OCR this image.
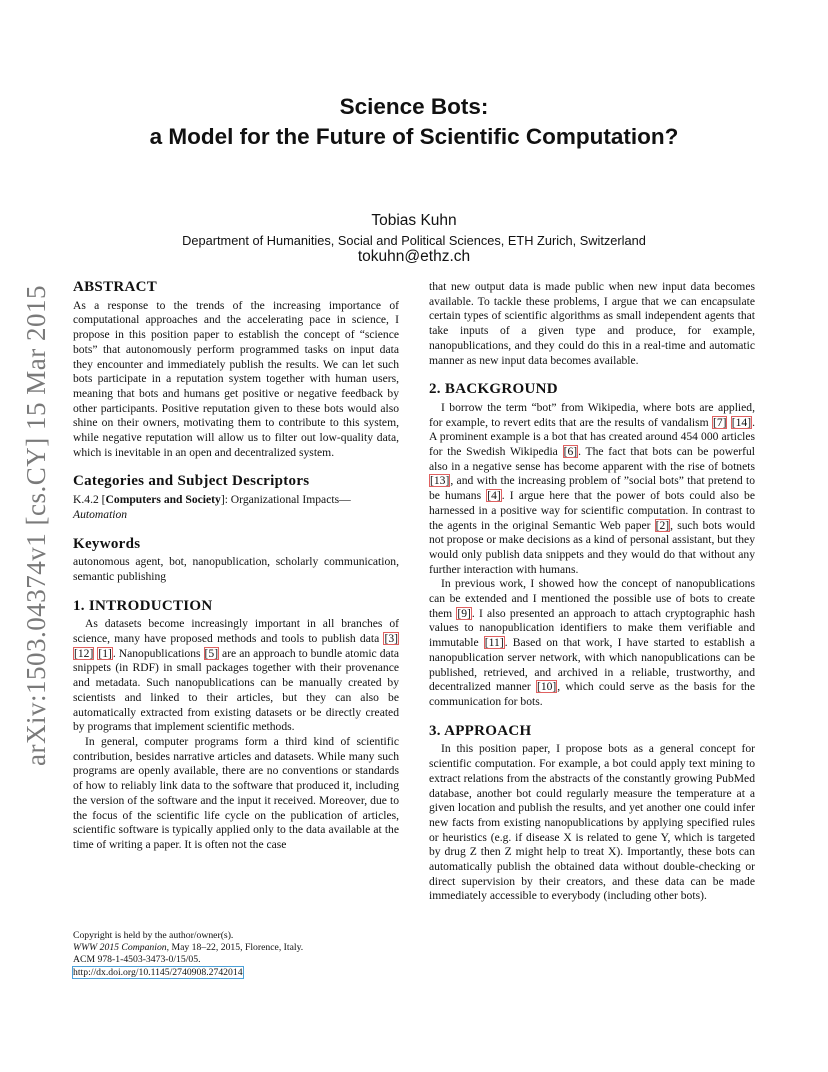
arXiv:1503.04374v1 [cs.CY] 15 Mar 2015
Science Bots:
a Model for the Future of Scientific Computation?
Tobias Kuhn
Department of Humanities, Social and Political Sciences, ETH Zurich, Switzerland
tokuhn@ethz.ch
ABSTRACT

As a response to the trends of the increasing importance of computational approaches and the accelerating pace in science, I propose in this position paper to establish the concept of “science bots” that autonomously perform programmed tasks on input data they encounter and immediately publish the results. We can let such bots participate in a reputation system together with human users, meaning that bots and humans get positive or negative feedback by other participants. Positive reputation given to these bots would also shine on their owners, motivating them to contribute to this system, while negative reputation will allow us to filter out low-quality data, which is inevitable in an open and decentralized system.

Categories and Subject Descriptors

K.4.2 [Computers and Society]: Organizational Impacts—
Automation

Keywords

autonomous agent, bot, nanopublication, scholarly communication, semantic publishing

1. INTRODUCTION

As datasets become increasingly important in all branches of science, many have proposed methods and tools to publish data [3] [12] [1]. Nanopublications [5] are an approach to bundle atomic data snippets (in RDF) in small packages together with their provenance and metadata. Such nanopublications can be manually created by scientists and linked to their articles, but they can also be automatically extracted from existing datasets or be directly created by programs that implement scientific methods.

In general, computer programs form a third kind of scientific contribution, besides narrative articles and datasets. While many such programs are openly available, there are no conventions or standards of how to reliably link data to the software that produced it, including the version of the software and the input it received. Moreover, due to the focus of the scientific life cycle on the publication of articles, scientific software is typically applied only to the data available at the time of writing a paper. It is often not the case

Copyright is held by the author/owner(s).
WWW 2015 Companion, May 18–22, 2015, Florence, Italy.
ACM 978-1-4503-3473-0/15/05.
http://dx.doi.org/10.1145/2740908.2742014

that new output data is made public when new input data becomes available. To tackle these problems, I argue that we can encapsulate certain types of scientific algorithms as small independent agents that take inputs of a given type and produce, for example, nanopublications, and they could do this in a real-time and automatic manner as new input data becomes available.

2. BACKGROUND

I borrow the term “bot” from Wikipedia, where bots are applied, for example, to revert edits that are the results of vandalism [7] [14]. A prominent example is a bot that has created around 454 000 articles for the Swedish Wikipedia [6]. The fact that bots can be powerful also in a negative sense has become apparent with the rise of botnets [13], and with the increasing problem of ”social bots” that pretend to be humans [4]. I argue here that the power of bots could also be harnessed in a positive way for scientific computation. In contrast to the agents in the original Semantic Web paper [2], such bots would not propose or make decisions as a kind of personal assistant, but they would only publish data snippets and they would do that without any further interaction with humans.

In previous work, I showed how the concept of nanopublications can be extended and I mentioned the possible use of bots to create them [9]. I also presented an approach to attach cryptographic hash values to nanopublication identifiers to make them verifiable and immutable [11]. Based on that work, I have started to establish a nanopublication server network, with which nanopublications can be published, retrieved, and archived in a reliable, trustworthy, and decentralized manner [10], which could serve as the basis for the communication for bots.

3. APPROACH

In this position paper, I propose bots as a general concept for scientific computation. For example, a bot could apply text mining to extract relations from the abstracts of the constantly growing PubMed database, another bot could regularly measure the temperature at a given location and publish the results, and yet another one could infer new facts from existing nanopublications by applying specified rules or heuristics (e.g. if disease X is related to gene Y, which is targeted by drug Z then Z might help to treat X). Importantly, these bots can automatically publish the obtained data without double-checking or direct supervision by their creators, and these data can be made immediately accessible to everybody (including other bots).
